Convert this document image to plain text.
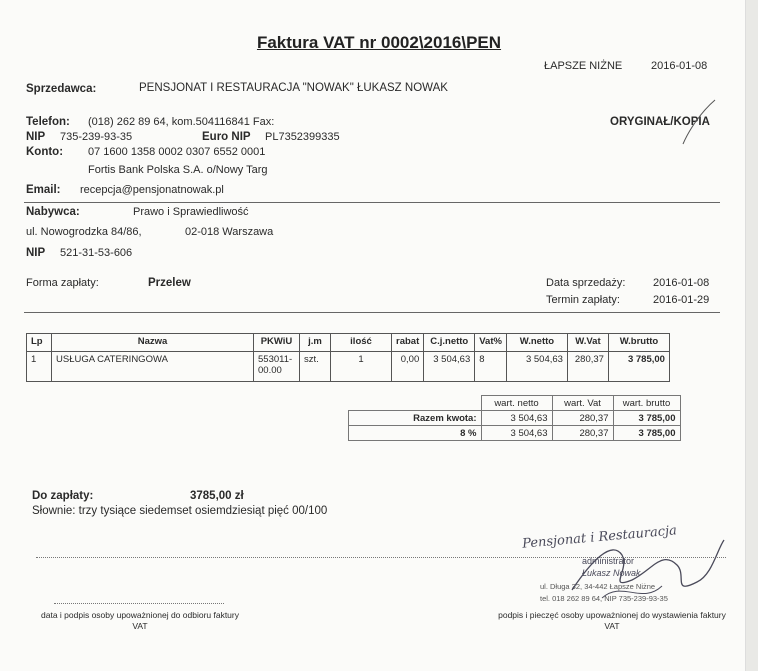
Faktura VAT nr 0002\2016\PEN
ŁAPSZE NIŻNE	2016-01-08
Sprzedawca:	PENSJONAT I RESTAURACJA "NOWAK" ŁUKASZ NOWAK
Telefon: (018) 262 89 64, kom.504116841 Fax:	ORYGINAŁ/KOPIA
NIP 735-239-93-35	Euro NIP PL7352399335
Konto: 07 1600 1358 0002 0307 6552 0001
Fortis Bank Polska S.A. o/Nowy Targ
Email: recepcja@pensjonatnowak.pl
Nabywca:	Prawo i Sprawiedliwość
ul. Nowogrodzka 84/86,	02-018 Warszawa
NIP 521-31-53-606
Forma zapłaty:	Przelew	Data sprzedaży:	2016-01-08
Termin zapłaty:	2016-01-29
Lp	Nazwa	PKWiU	j.m	ilość	rabat	C.j.netto	Vat%	W.netto	W.Vat	W.brutto
1	USŁUGA CATERINGOWA	553011-00.00	szt.	1	0,00	3 504,63	8	3 504,63	280,37	3 785,00
	wart. netto	wart. Vat	wart. brutto
Razem kwota:	3 504,63	280,37	3 785,00
8 %	3 504,63	280,37	3 785,00
Do zapłaty:	3785,00 zł
Słownie: trzy tysiące siedemset osiemdziesiąt pięć 00/100
data i podpis osoby upoważnionej do odbioru faktury VAT
podpis i pieczęć osoby upoważnionej do wystawienia faktury VAT
Pensjonat i Restauracja
administrator
Łukasz Nowak
ul. Długa 32, 34-442 Łapsze Niżne
tel. 018 262 89 64, NIP 735-239-93-35
